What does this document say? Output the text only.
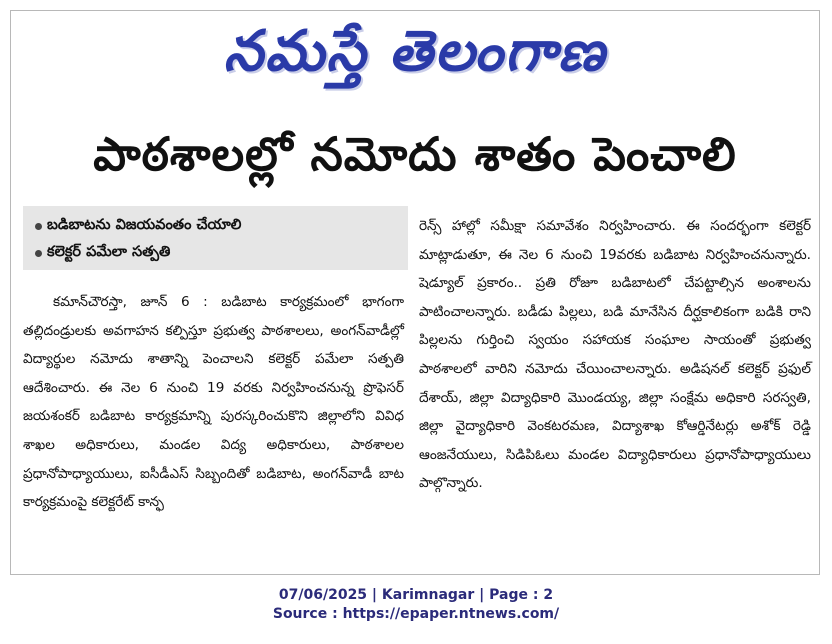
నమస్తే తెలంగాణ
పాఠశాలల్లో నమోదు శాతం పెంచాలి
బడిబాటను విజయవంతం చేయాలి
కలెక్టర్ పమేలా సత్పతి

కమాన్‌చౌరస్తా, జూన్ 6 : బడిబాట కార్యక్రమంలో భాగంగా తల్లిదండ్రులకు అవగాహన కల్పిస్తూ ప్రభుత్వ పాఠశాలలు, అంగన్‌వాడీల్లో విద్యార్థుల నమోదు శాతాన్ని పెంచాలని కలెక్టర్ పమేలా సత్పతి ఆదేశించారు. ఈ నెల 6 నుంచి 19 వరకు నిర్వహించనున్న ప్రొఫెసర్ జయశంకర్ బడిబాట కార్యక్రమాన్ని పురస్కరించుకొని జిల్లాలోని వివిధ శాఖల అధికారులు, మండల విద్య అధికారులు, పాఠశాలల ప్రధానోపాధ్యాయులు, ఐసీడీఎస్ సిబ్బందితో బడిబాట, అంగన్‌వాడీ బాట కార్యక్రమంపై కలెక్టరేట్ కాన్ఫ

రెన్స్ హాల్లో సమీక్షా సమావేశం నిర్వహించారు. ఈ సందర్భంగా కలెక్టర్ మాట్లాడుతూ, ఈ నెల 6 నుంచి 19వరకు బడిబాట నిర్వహించనున్నారు. షెడ్యూల్ ప్రకారం.. ప్రతి రోజూ బడిబాటలో చేపట్టాల్సిన అంశాలను పాటించాలన్నారు. బడీడు పిల్లలు, బడి మానేసిన దీర్ఘకాలికంగా బడికి రాని పిల్లలను గుర్తించి స్వయం సహాయక సంఘాల సాయంతో ప్రభుత్వ పాఠశాలలో వారిని నమోదు చేయించాలన్నారు. అడిషనల్ కలెక్టర్ ప్రఫుల్ దేశాయ్, జిల్లా విద్యాధికారి మొండయ్య, జిల్లా సంక్షేమ అధికారి సరస్వతి, జిల్లా వైద్యాధికారి వెంకటరమణ, విద్యాశాఖ కోఆర్డినేటర్లు అశోక్ రెడ్డి ఆంజనేయులు, సిడిపిఓలు మండల విద్యాధికారులు ప్రధానోపాధ్యాయులు పాల్గొన్నారు.

07/06/2025 | Karimnagar | Page : 2
Source : https://epaper.ntnews.com/
